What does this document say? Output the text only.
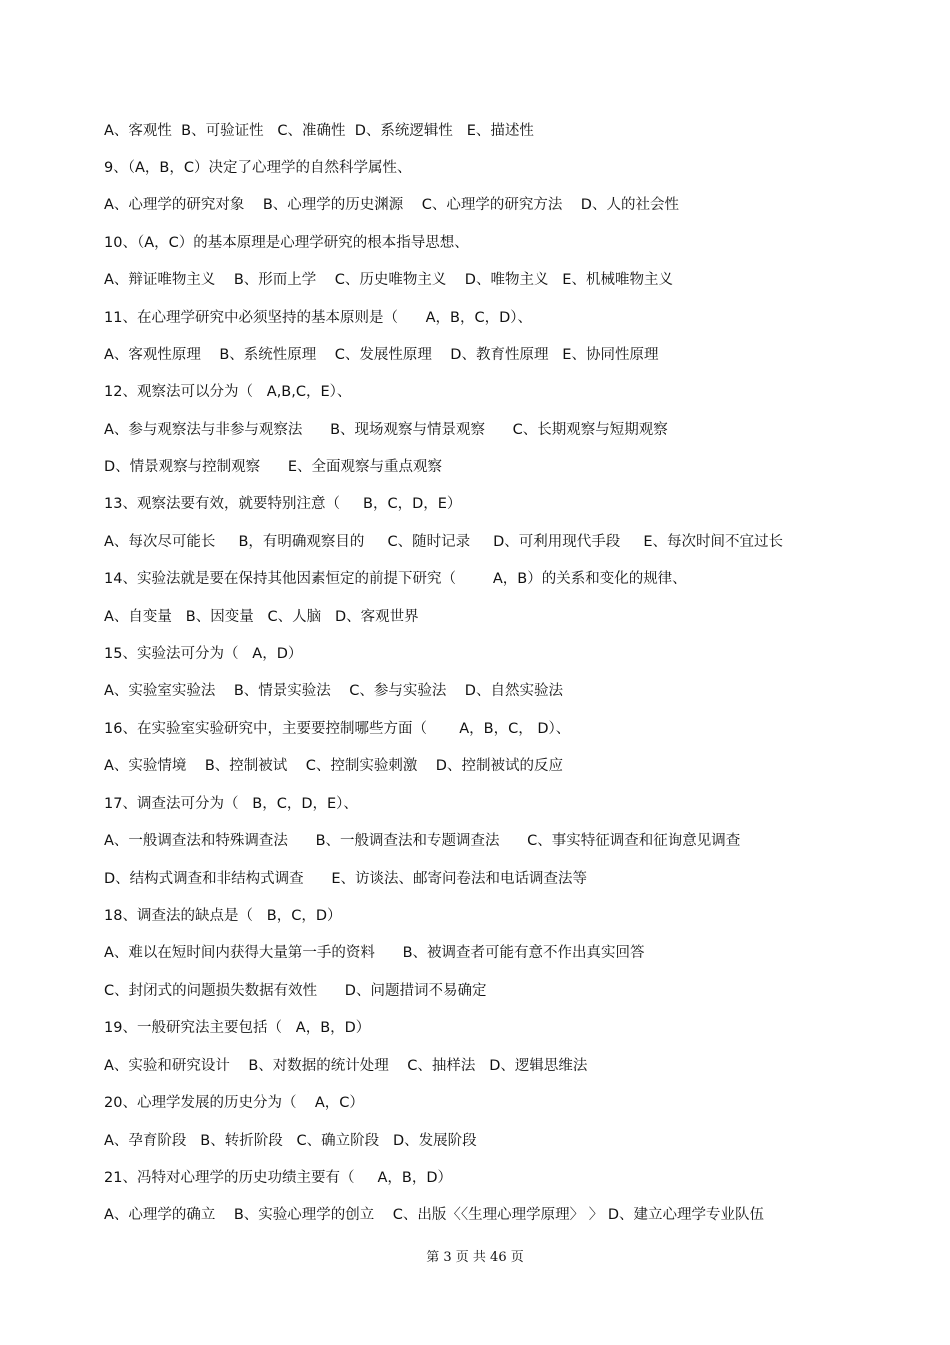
A、客观性  B、可验证性   C、准确性  D、系统逻辑性   E、描述性
9、（A，B，C）决定了心理学的自然科学属性、
A、心理学的研究对象    B、心理学的历史渊源    C、心理学的研究方法    D、人的社会性
10、（A，C）的基本原理是心理学研究的根本指导思想、
A、辩证唯物主义    B、形而上学    C、历史唯物主义    D、唯物主义   E、机械唯物主义
11、在心理学研究中必须坚持的基本原则是（      A，B，C，D）、
A、客观性原理    B、系统性原理    C、发展性原理    D、教育性原理   E、协同性原理
12、观察法可以分为（   A,B,C，E）、
A、参与观察法与非参与观察法      B、现场观察与情景观察      C、长期观察与短期观察
D、情景观察与控制观察      E、全面观察与重点观察
13、观察法要有效，就要特别注意（     B，C，D，E）
A、每次尽可能长     B，有明确观察目的     C、随时记录     D、可利用现代手段     E、每次时间不宜过长
14、实验法就是要在保持其他因素恒定的前提下研究（        A，B）的关系和变化的规律、
A、自变量   B、因变量   C、人脑   D、客观世界
15、实验法可分为（   A，D）
A、实验室实验法    B、情景实验法    C、参与实验法    D、自然实验法
16、在实验室实验研究中，主要要控制哪些方面（       A，B，C， D）、
A、实验情境    B、控制被试    C、控制实验刺激    D、控制被试的反应
17、调查法可分为（   B，C，D，E）、
A、一般调查法和特殊调查法      B、一般调查法和专题调查法      C、事实特征调查和征询意见调查
D、结构式调查和非结构式调查      E、访谈法、邮寄问卷法和电话调查法等
18、调查法的缺点是（   B，C，D）
A、难以在短时间内获得大量第一手的资料      B、被调查者可能有意不作出真实回答
C、封闭式的问题损失数据有效性      D、问题措词不易确定
19、一般研究法主要包括（   A，B，D）
A、实验和研究设计    B、对数据的统计处理    C、抽样法   D、逻辑思维法
20、心理学发展的历史分为（    A，C）
A、孕育阶段   B、转折阶段   C、确立阶段   D、发展阶段
21、冯特对心理学的历史功绩主要有（     A，B，D）
A、心理学的确立    B、实验心理学的创立    C、出版〈〈生理心理学原理〉 〉 D、建立心理学专业队伍
第 3 页 共 46 页
